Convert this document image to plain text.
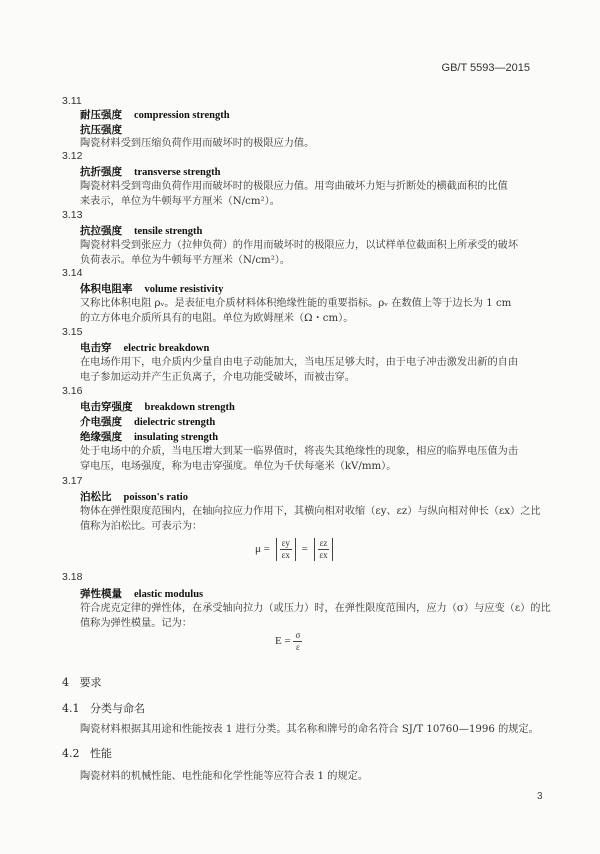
GB/T 5593—2015
3.11
耐压强度 compression strength
抗压强度
陶瓷材料受到压缩负荷作用而破坏时的极限应力值。
3.12
抗折强度 transverse strength
陶瓷材料受到弯曲负荷作用而破坏时的极限应力值。用弯曲破坏力矩与折断处的横截面积的比值
来表示，单位为牛顿每平方厘米（N/cm²）。
3.13
抗拉强度 tensile strength
陶瓷材料受到张应力（拉伸负荷）的作用而破坏时的极限应力，以试样单位截面积上所承受的破坏
负荷表示。单位为牛顿每平方厘米（N/cm²）。
3.14
体积电阻率 volume resistivity
又称比体积电阻 ρᵥ。是表征电介质材料体积绝缘性能的重要指标。ρᵥ 在数值上等于边长为 1 cm
的立方体电介质所具有的电阻。单位为欧姆厘米（Ω・cm）。
3.15
电击穿 electric breakdown
在电场作用下，电介质内少量自由电子动能加大，当电压足够大时，由于电子冲击激发出新的自由
电子参加运动并产生正负离子，介电功能受破坏，而被击穿。
3.16
电击穿强度 breakdown strength
介电强度 dielectric strength
绝缘强度 insulating strength
处于电场中的介质，当电压增大到某一临界值时，将丧失其绝缘性的现象，相应的临界电压值为击
穿电压，电场强度，称为电击穿强度。单位为千伏每毫米（kV/mm）。
3.17
泊松比 poisson's ratio
物体在弹性限度范围内，在轴向拉应力作用下，其横向相对收缩（εy、εz）与纵向相对伸长（εx）之比
值称为泊松比。可表示为：
$\mu = \frac{\varepsilon y}{\varepsilon x} = \frac{\varepsilon z}{\varepsilon x}$
3.18
弹性模量 elastic modulus
符合虎克定律的弹性体，在承受轴向拉力（或压力）时，在弹性限度范围内，应力（σ）与应变（ε）的比
值称为弹性模量。记为：
$E = \frac{\sigma}{\varepsilon}$
4 要求
4.1 分类与命名
陶瓷材料根据其用途和性能按表 1 进行分类。其名称和牌号的命名符合 SJ/T 10760—1996 的规定。
4.2 性能
陶瓷材料的机械性能、电性能和化学性能等应符合表 1 的规定。
3
